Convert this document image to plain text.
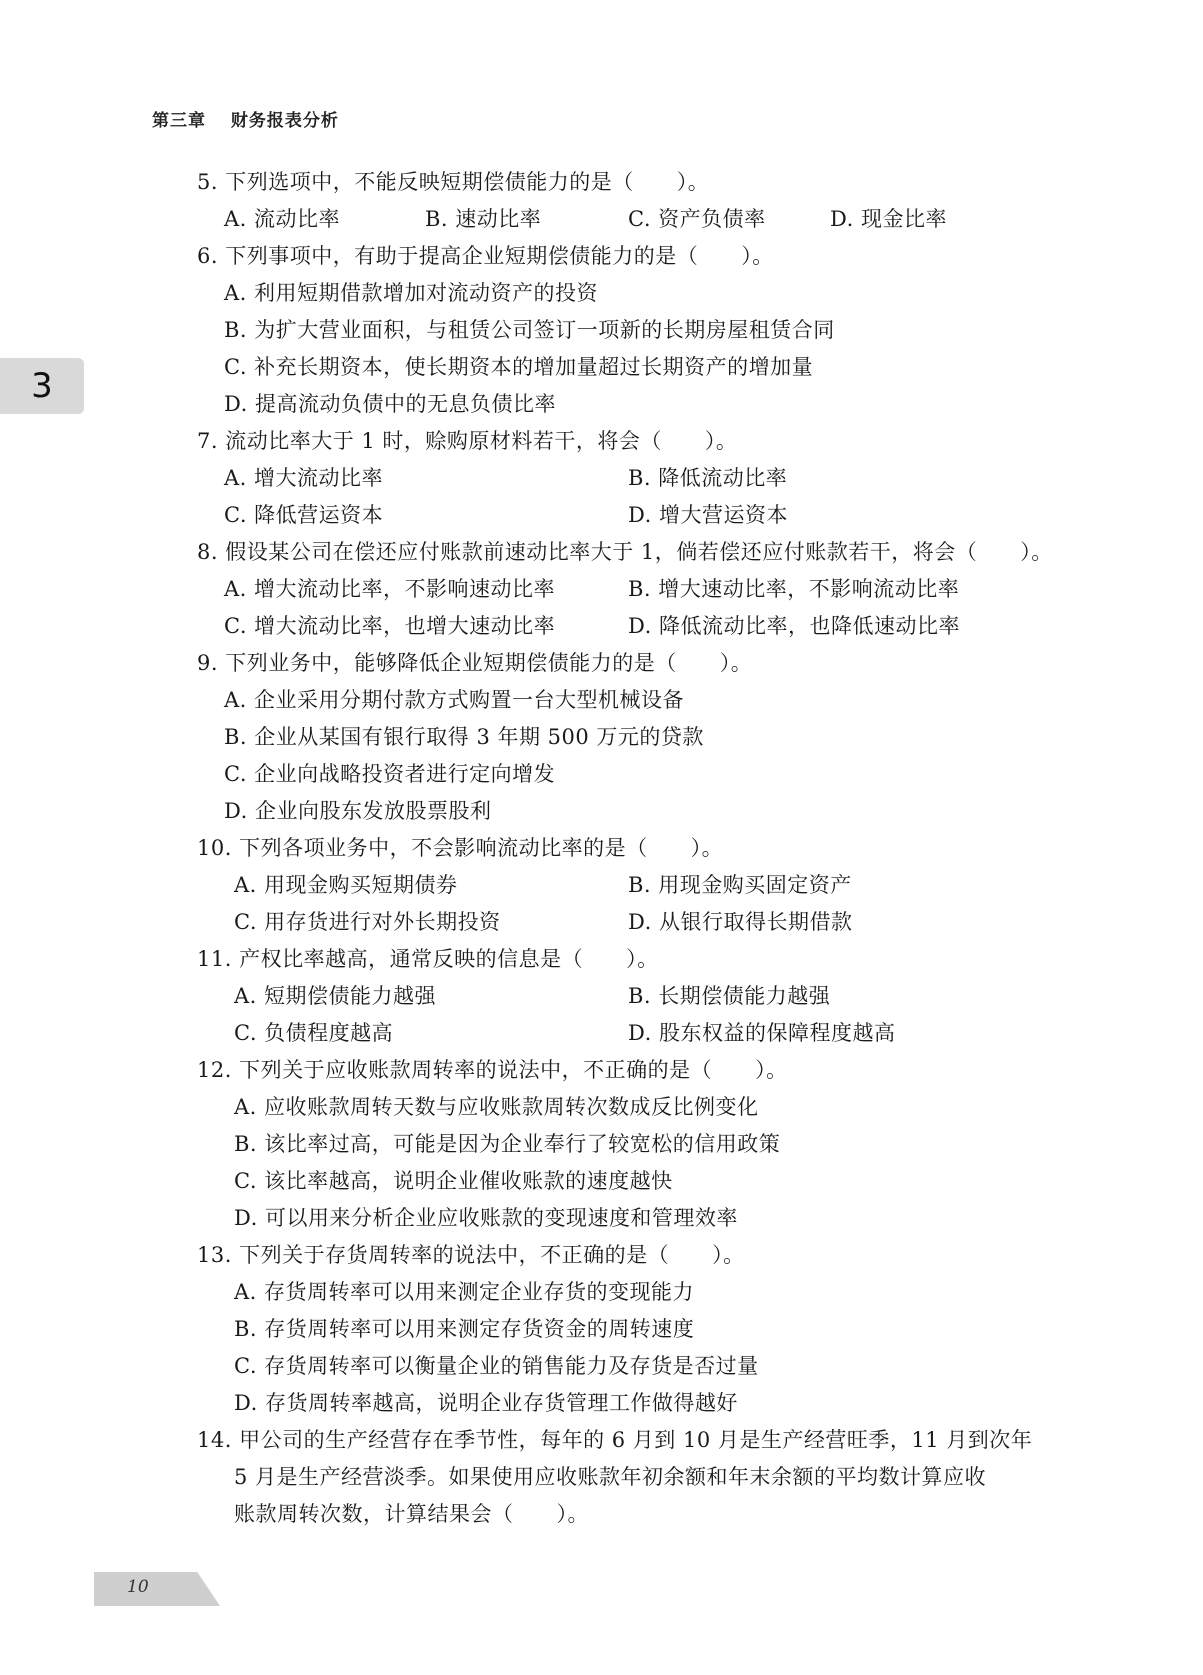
第三章 财务报表分析
3
5. 下列选项中，不能反映短期偿债能力的是（　　）。
A. 流动比率	B. 速动比率	C. 资产负债率	D. 现金比率
6. 下列事项中，有助于提高企业短期偿债能力的是（　　）。
A. 利用短期借款增加对流动资产的投资
B. 为扩大营业面积，与租赁公司签订一项新的长期房屋租赁合同
C. 补充长期资本，使长期资本的增加量超过长期资产的增加量
D. 提高流动负债中的无息负债比率
7. 流动比率大于 1 时，赊购原材料若干，将会（　　）。
A. 增大流动比率	B. 降低流动比率
C. 降低营运资本	D. 增大营运资本
8. 假设某公司在偿还应付账款前速动比率大于 1，倘若偿还应付账款若干，将会（　　）。
A. 增大流动比率，不影响速动比率	B. 增大速动比率，不影响流动比率
C. 增大流动比率，也增大速动比率	D. 降低流动比率，也降低速动比率
9. 下列业务中，能够降低企业短期偿债能力的是（　　）。
A. 企业采用分期付款方式购置一台大型机械设备
B. 企业从某国有银行取得 3 年期 500 万元的贷款
C. 企业向战略投资者进行定向增发
D. 企业向股东发放股票股利
10. 下列各项业务中，不会影响流动比率的是（　　）。
A. 用现金购买短期债券	B. 用现金购买固定资产
C. 用存货进行对外长期投资	D. 从银行取得长期借款
11. 产权比率越高，通常反映的信息是（　　）。
A. 短期偿债能力越强	B. 长期偿债能力越强
C. 负债程度越高	D. 股东权益的保障程度越高
12. 下列关于应收账款周转率的说法中，不正确的是（　　）。
A. 应收账款周转天数与应收账款周转次数成反比例变化
B. 该比率过高，可能是因为企业奉行了较宽松的信用政策
C. 该比率越高，说明企业催收账款的速度越快
D. 可以用来分析企业应收账款的变现速度和管理效率
13. 下列关于存货周转率的说法中，不正确的是（　　）。
A. 存货周转率可以用来测定企业存货的变现能力
B. 存货周转率可以用来测定存货资金的周转速度
C. 存货周转率可以衡量企业的销售能力及存货是否过量
D. 存货周转率越高，说明企业存货管理工作做得越好
14. 甲公司的生产经营存在季节性，每年的 6 月到 10 月是生产经营旺季，11 月到次年
5 月是生产经营淡季。如果使用应收账款年初余额和年末余额的平均数计算应收
账款周转次数，计算结果会（　　）。
10
